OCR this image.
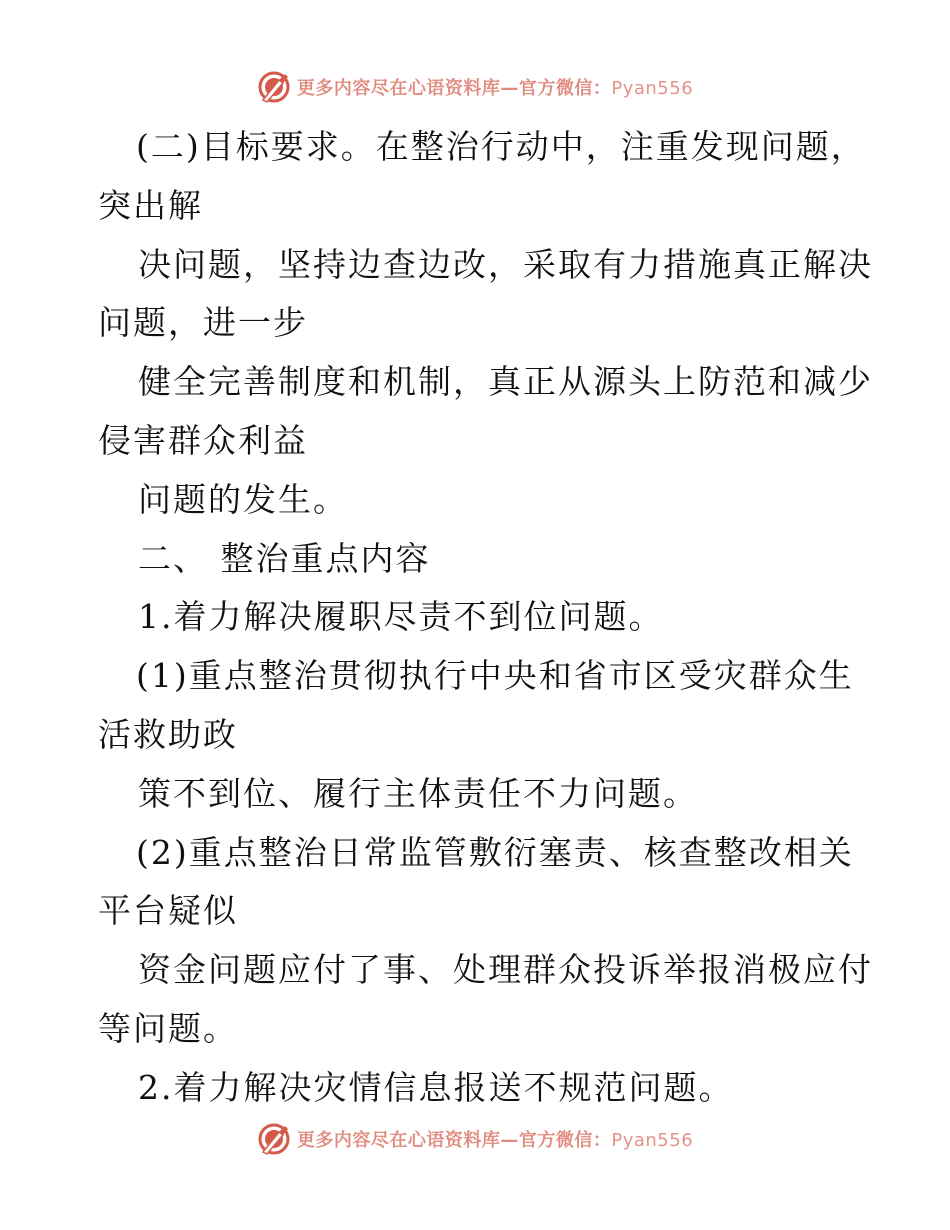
更多内容尽在心语资料库—官方微信：Pyan556
(二)目标要求。在整治行动中，注重发现问题，
突出解
决问题，坚持边查边改，采取有力措施真正解决
问题，进一步
健全完善制度和机制，真正从源头上防范和减少
侵害群众利益
问题的发生。
二、 整治重点内容
1.着力解决履职尽责不到位问题。
(1)重点整治贯彻执行中央和省市区受灾群众生
活救助政
策不到位、履行主体责任不力问题。
(2)重点整治日常监管敷衍塞责、核查整改相关
平台疑似
资金问题应付了事、处理群众投诉举报消极应付
等问题。
2.着力解决灾情信息报送不规范问题。
更多内容尽在心语资料库—官方微信：Pyan556
